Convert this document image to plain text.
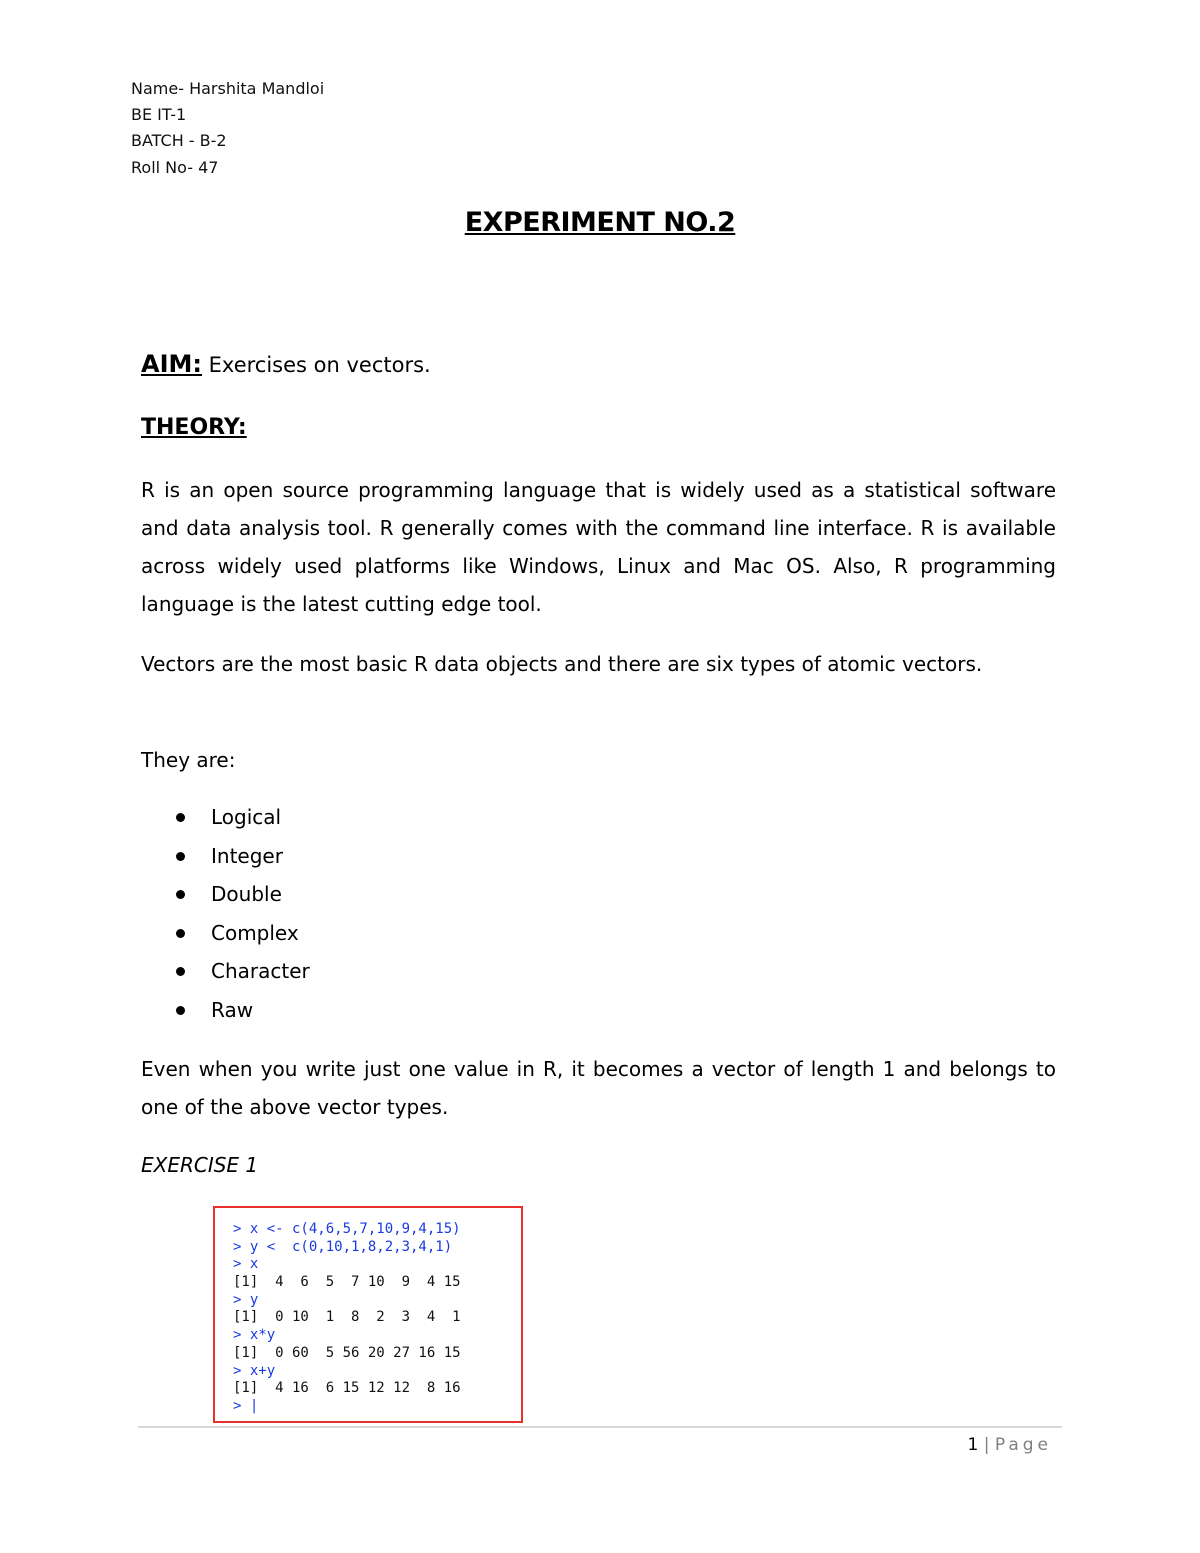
Name- Harshita Mandloi
BE IT-1
BATCH - B-2
Roll No- 47
EXPERIMENT NO.2
AIM: Exercises on vectors.
THEORY:
R is an open source programming language that is widely used as a statistical software and data analysis tool. R generally comes with the command line interface. R is available across widely used platforms like Windows, Linux and Mac OS. Also, R programming language is the latest cutting edge tool.
Vectors are the most basic R data objects and there are six types of atomic vectors.
They are:
Logical
Integer
Double
Complex
Character
Raw
Even when you write just one value in R, it becomes a vector of length 1 and belongs to one of the above vector types.
EXERCISE 1
> x <- c(4,6,5,7,10,9,4,15)
> y <  c(0,10,1,8,2,3,4,1)
> x
[1]  4  6  5  7 10  9  4 15
> y
[1]  0 10  1  8  2  3  4  1
> x*y
[1]  0 60  5 56 20 27 16 15
> x+y
[1]  4 16  6 15 12 12  8 16
> |
1 | Page
